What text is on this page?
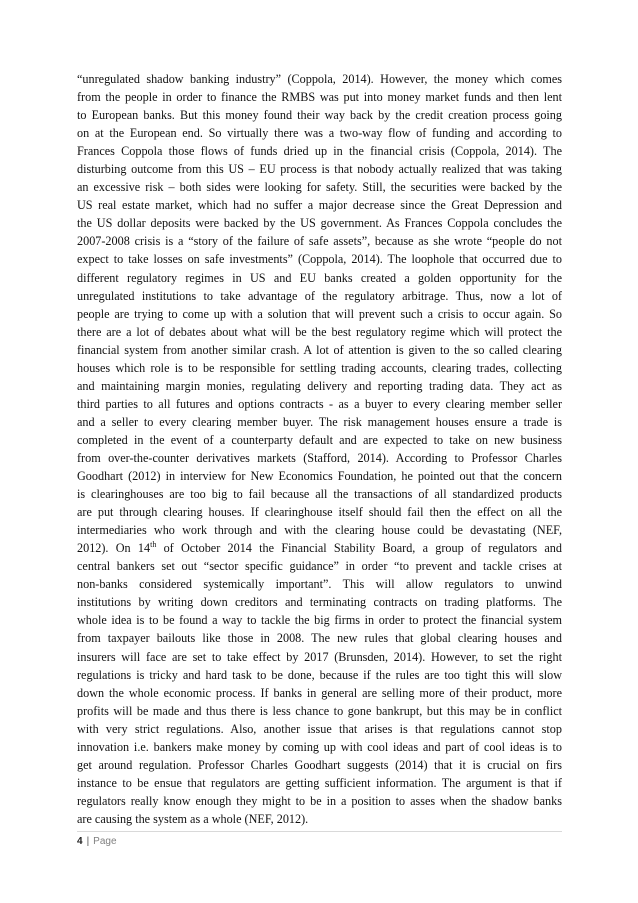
“unregulated shadow banking industry” (Coppola, 2014). However, the money which comes
from the people in order to finance the RMBS was put into money market funds and then lent
to European banks. But this money found their way back by the credit creation process going
on at the European end. So virtually there was a two-way flow of funding and according to
Frances Coppola those flows of funds dried up in the financial crisis (Coppola, 2014). The
disturbing outcome from this US – EU process is that nobody actually realized that was taking
an excessive risk – both sides were looking for safety. Still, the securities were backed by the
US real estate market, which had no suffer a major decrease since the Great Depression and
the US dollar deposits were backed by the US government. As Frances Coppola concludes the
2007-2008 crisis is a “story of the failure of safe assets”, because as she wrote “people do not
expect to take losses on safe investments” (Coppola, 2014). The loophole that occurred due to
different regulatory regimes in US and EU banks created a golden opportunity for the
unregulated institutions to take advantage of the regulatory arbitrage. Thus, now a lot of
people are trying to come up with a solution that will prevent such a crisis to occur again. So
there are a lot of debates about what will be the best regulatory regime which will protect the
financial system from another similar crash. A lot of attention is given to the so called clearing
houses which role is to be responsible for settling trading accounts, clearing trades, collecting
and maintaining margin monies, regulating delivery and reporting trading data. They act as
third parties to all futures and options contracts - as a buyer to every clearing member seller
and a seller to every clearing member buyer. The risk management houses ensure a trade is
completed in the event of a counterparty default and are expected to take on new business
from over-the-counter derivatives markets (Stafford, 2014). According to Professor Charles
Goodhart (2012) in interview for New Economics Foundation, he pointed out that the concern
is clearinghouses are too big to fail because all the transactions of all standardized products
are put through clearing houses. If clearinghouse itself should fail then the effect on all the
intermediaries who work through and with the clearing house could be devastating (NEF,
2012). On 14th of October 2014 the Financial Stability Board, a group of regulators and
central bankers set out “sector specific guidance” in order “to prevent and tackle crises at
non-banks considered systemically important”. This will allow regulators to unwind
institutions by writing down creditors and terminating contracts on trading platforms. The
whole idea is to be found a way to tackle the big firms in order to protect the financial system
from taxpayer bailouts like those in 2008. The new rules that global clearing houses and
insurers will face are set to take effect by 2017 (Brunsden, 2014). However, to set the right
regulations is tricky and hard task to be done, because if the rules are too tight this will slow
down the whole economic process. If banks in general are selling more of their product, more
profits will be made and thus there is less chance to gone bankrupt, but this may be in conflict
with very strict regulations. Also, another issue that arises is that regulations cannot stop
innovation i.e. bankers make money by coming up with cool ideas and part of cool ideas is to
get around regulation. Professor Charles Goodhart suggests (2014) that it is crucial on firs
instance to be ensue that regulators are getting sufficient information. The argument is that if
regulators really know enough they might to be in a position to asses when the shadow banks
are causing the system as a whole (NEF, 2012).
4 | Page
